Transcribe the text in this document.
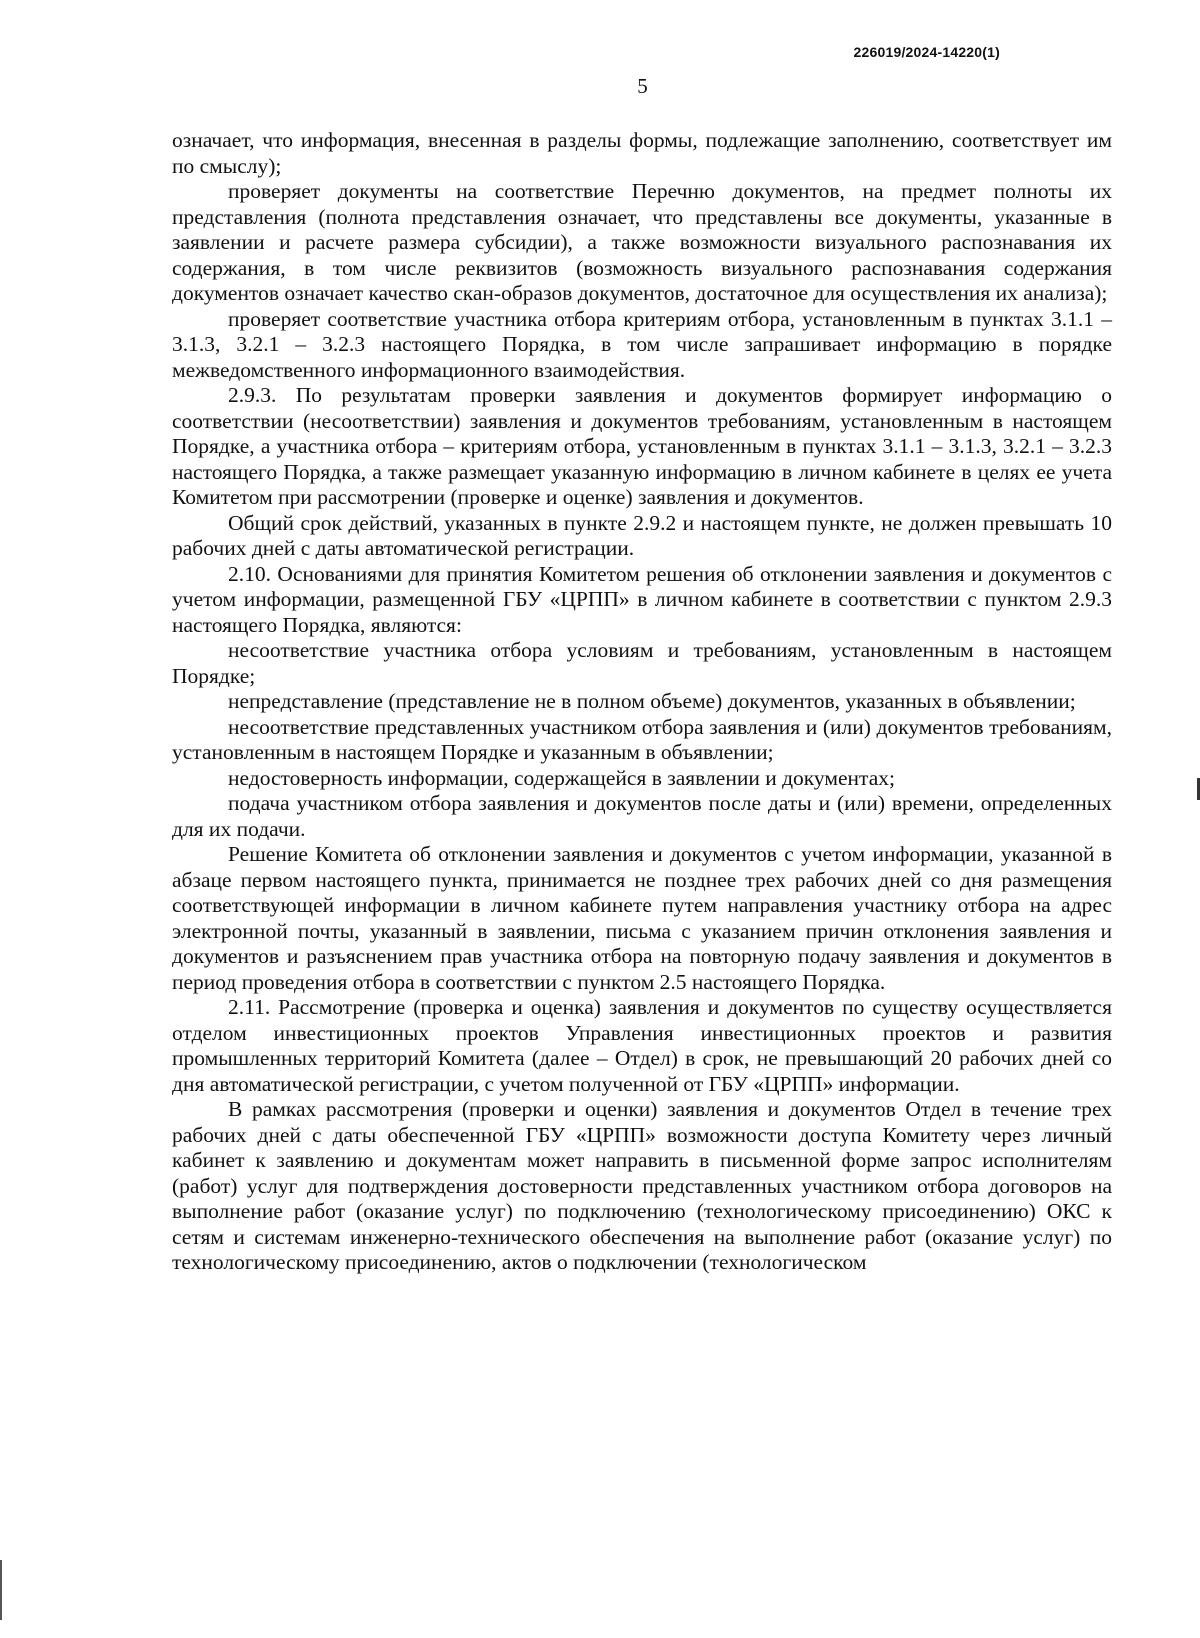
226019/2024-14220(1)
5

означает, что информация, внесенная в разделы формы, подлежащие заполнению, соответствует им по смыслу);

проверяет документы на соответствие Перечню документов, на предмет полноты их представления (полнота представления означает, что представлены все документы, указанные в заявлении и расчете размера субсидии), а также возможности визуального распознавания их содержания, в том числе реквизитов (возможность визуального распознавания содержания документов означает качество скан-образов документов, достаточное для осуществления их анализа);

проверяет соответствие участника отбора критериям отбора, установленным в пунктах 3.1.1 – 3.1.3, 3.2.1 – 3.2.3 настоящего Порядка, в том числе запрашивает информацию в порядке межведомственного информационного взаимодействия.

2.9.3. По результатам проверки заявления и документов формирует информацию о соответствии (несоответствии) заявления и документов требованиям, установленным в настоящем Порядке, а участника отбора – критериям отбора, установленным в пунктах 3.1.1 – 3.1.3, 3.2.1 – 3.2.3 настоящего Порядка, а также размещает указанную информацию в личном кабинете в целях ее учета Комитетом при рассмотрении (проверке и оценке) заявления и документов.

Общий срок действий, указанных в пункте 2.9.2 и настоящем пункте, не должен превышать 10 рабочих дней с даты автоматической регистрации.

2.10. Основаниями для принятия Комитетом решения об отклонении заявления и документов с учетом информации, размещенной ГБУ «ЦРПП» в личном кабинете в соответствии с пунктом 2.9.3 настоящего Порядка, являются:

несоответствие участника отбора условиям и требованиям, установленным в настоящем Порядке;

непредставление (представление не в полном объеме) документов, указанных в объявлении;

несоответствие представленных участником отбора заявления и (или) документов требованиям, установленным в настоящем Порядке и указанным в объявлении;

недостоверность информации, содержащейся в заявлении и документах;

подача участником отбора заявления и документов после даты и (или) времени, определенных для их подачи.

Решение Комитета об отклонении заявления и документов с учетом информации, указанной в абзаце первом настоящего пункта, принимается не позднее трех рабочих дней со дня размещения соответствующей информации в личном кабинете путем направления участнику отбора на адрес электронной почты, указанный в заявлении, письма с указанием причин отклонения заявления и документов и разъяснением прав участника отбора на повторную подачу заявления и документов в период проведения отбора в соответствии с пунктом 2.5 настоящего Порядка.

2.11. Рассмотрение (проверка и оценка) заявления и документов по существу осуществляется отделом инвестиционных проектов Управления инвестиционных проектов и развития промышленных территорий Комитета (далее – Отдел) в срок, не превышающий 20 рабочих дней со дня автоматической регистрации, с учетом полученной от ГБУ «ЦРПП» информации.

В рамках рассмотрения (проверки и оценки) заявления и документов Отдел в течение трех рабочих дней с даты обеспеченной ГБУ «ЦРПП» возможности доступа Комитету через личный кабинет к заявлению и документам может направить в письменной форме запрос исполнителям (работ) услуг для подтверждения достоверности представленных участником отбора договоров на выполнение работ (оказание услуг) по подключению (технологическому присоединению) ОКС к сетям и системам инженерно-технического обеспечения на выполнение работ (оказание услуг) по технологическому присоединению, актов о подключении (технологическом
